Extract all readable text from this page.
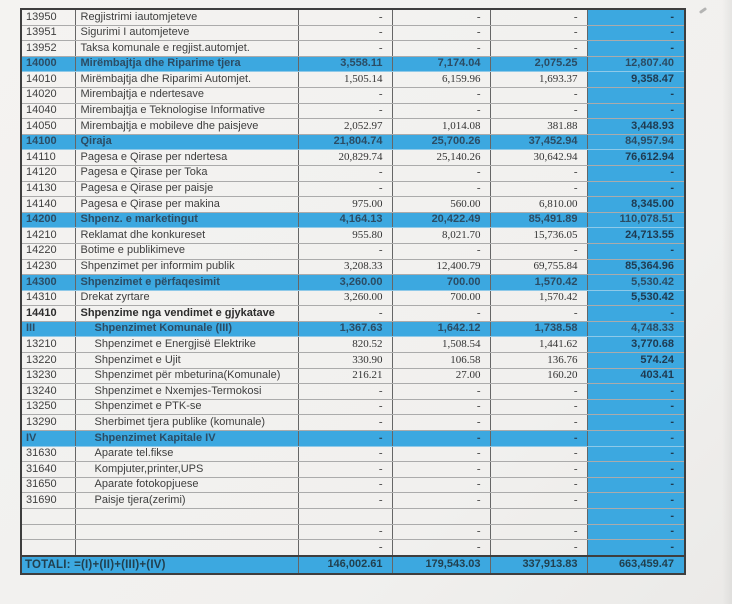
13950	Regjistrimi iautomjeteve	-	-	-	-
13951	Sigurimi I automjeteve	-	-	-	-
13952	Taksa komunale e regjist.automjet.	-	-	-	-
14000	Mirëmbajtja dhe Riparime tjera	3,558.11	7,174.04	2,075.25	12,807.40
14010	Mirëmbajtja dhe Riparimi Automjet.	1,505.14	6,159.96	1,693.37	9,358.47
14020	Mirembajtja e ndertesave	-	-	-	-
14040	Mirembajtja e Teknologise Informative	-	-	-	-
14050	Mirembajtja e mobileve dhe paisjeve	2,052.97	1,014.08	381.88	3,448.93
14100	Qiraja	21,804.74	25,700.26	37,452.94	84,957.94
14110	Pagesa e Qirase per ndertesa	20,829.74	25,140.26	30,642.94	76,612.94
14120	Pagesa e Qirase per Toka	-	-	-	-
14130	Pagesa e Qirase per paisje	-	-	-	-
14140	Pagesa e Qirase per makina	975.00	560.00	6,810.00	8,345.00
14200	Shpenz. e marketingut	4,164.13	20,422.49	85,491.89	110,078.51
14210	Reklamat dhe konkureset	955.80	8,021.70	15,736.05	24,713.55
14220	Botime e publikimeve	-	-	-	-
14230	Shpenzimet per informim publik	3,208.33	12,400.79	69,755.84	85,364.96
14300	Shpenzimet e përfaqesimit	3,260.00	700.00	1,570.42	5,530.42
14310	Drekat zyrtare	3,260.00	700.00	1,570.42	5,530.42
14410	Shpenzime nga vendimet e gjykatave	-	-	-	-
III	Shpenzimet Komunale (III)	1,367.63	1,642.12	1,738.58	4,748.33
13210	Shpenzimet e Energjisë Elektrike	820.52	1,508.54	1,441.62	3,770.68
13220	Shpenzimet e Ujit	330.90	106.58	136.76	574.24
13230	Shpenzimet për mbeturina(Komunale)	216.21	27.00	160.20	403.41
13240	Shpenzimet e Nxemjes-Termokosi	-	-	-	-
13250	Shpenzimet e PTK-se	-	-	-	-
13290	Sherbimet tjera publike (komunale)	-	-	-	-
IV	Shpenzimet Kapitale IV	-	-	-	-
31630	Aparate tel.fikse	-	-	-	-
31640	Kompjuter,printer,UPS	-	-	-	-
31650	Aparate fotokopjuese	-	-	-	-
31690	Paisje tjera(zerimi)	-	-	-	-
					-
		-	-	-	-
		-	-	-	-
TOTALI: =(I)+(II)+(III)+(IV)		146,002.61	179,543.03	337,913.83	663,459.47
